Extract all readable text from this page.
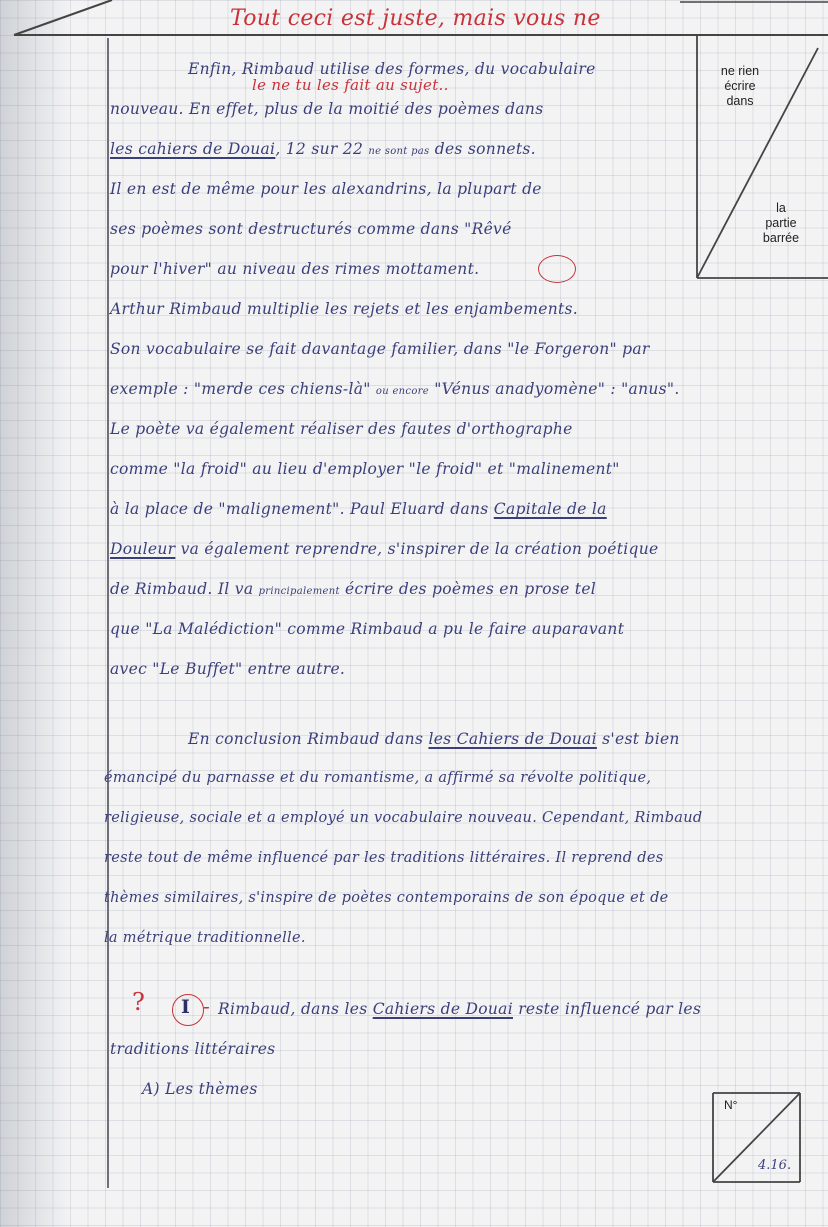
Tout ceci est juste, mais vous ne
le ne tu les fait au sujet..
ne rien
écrire
dans
la
partie
barrée
Enfin, Rimbaud utilise des formes, du vocabulaire
nouveau. En effet, plus de la moitié des poèmes dans
les cahiers de Douai, 12 sur 22 ne sont pas des sonnets.
Il en est de même pour les alexandrins, la plupart de
ses poèmes sont destructurés comme dans "Rêvé
pour l'hiver" au niveau des rimes mottament.
Arthur Rimbaud multiplie les rejets et les enjambements.
Son vocabulaire se fait davantage familier, dans "le Forgeron" par
exemple : "merde ces chiens-là" ou encore "Vénus anadyomène" : "anus".
Le poète va également réaliser des fautes d'orthographe
comme "la froid" au lieu d'employer "le froid" et "malinement"
à la place de "malignement". Paul Eluard dans Capitale de la
Douleur va également reprendre, s'inspirer de la création poétique
de Rimbaud. Il va principalement écrire des poèmes en prose tel
que "La Malédiction" comme Rimbaud a pu le faire auparavant
avec "Le Buffet" entre autre.
En conclusion Rimbaud dans les Cahiers de Douai s'est bien
émancipé du parnasse et du romantisme, a affirmé sa révolte politique,
religieuse, sociale et a employé un vocabulaire nouveau. Cependant, Rimbaud
reste tout de même influencé par les traditions littéraires. Il reprend des
thèmes similaires, s'inspire de poètes contemporains de son époque et de
la métrique traditionnelle.
? I - Rimbaud, dans les Cahiers de Douai reste influencé par les
traditions littéraires
A) Les thèmes
N°
4.16.
